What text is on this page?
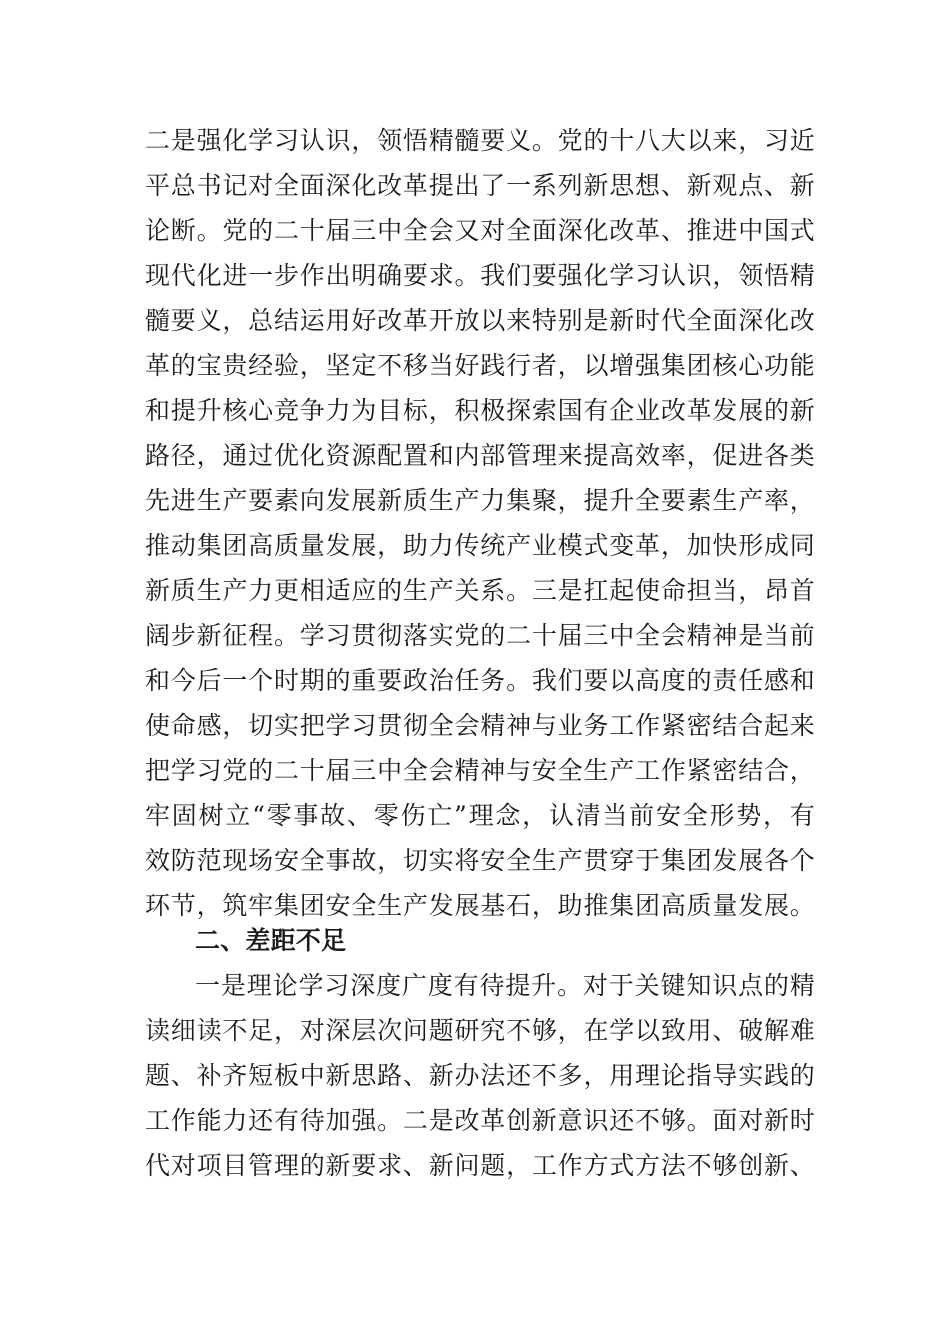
二是强化学习认识，领悟精髓要义。党的十八大以来，习近
平总书记对全面深化改革提出了一系列新思想、新观点、新
论断。党的二十届三中全会又对全面深化改革、推进中国式
现代化进一步作出明确要求。我们要强化学习认识，领悟精
髓要义，总结运用好改革开放以来特别是新时代全面深化改
革的宝贵经验，坚定不移当好践行者，以增强集团核心功能
和提升核心竞争力为目标，积极探索国有企业改革发展的新
路径，通过优化资源配置和内部管理来提高效率，促进各类
先进生产要素向发展新质生产力集聚，提升全要素生产率，
推动集团高质量发展，助力传统产业模式变革，加快形成同
新质生产力更相适应的生产关系。三是扛起使命担当，昂首
阔步新征程。学习贯彻落实党的二十届三中全会精神是当前
和今后一个时期的重要政治任务。我们要以高度的责任感和
使命感，切实把学习贯彻全会精神与业务工作紧密结合起来
把学习党的二十届三中全会精神与安全生产工作紧密结合，
牢固树立“零事故、零伤亡”理念，认清当前安全形势，有
效防范现场安全事故，切实将安全生产贯穿于集团发展各个
环节，筑牢集团安全生产发展基石，助推集团高质量发展。
二、差距不足
一是理论学习深度广度有待提升。对于关键知识点的精
读细读不足，对深层次问题研究不够，在学以致用、破解难
题、补齐短板中新思路、新办法还不多，用理论指导实践的
工作能力还有待加强。二是改革创新意识还不够。面对新时
代对项目管理的新要求、新问题，工作方式方法不够创新、
